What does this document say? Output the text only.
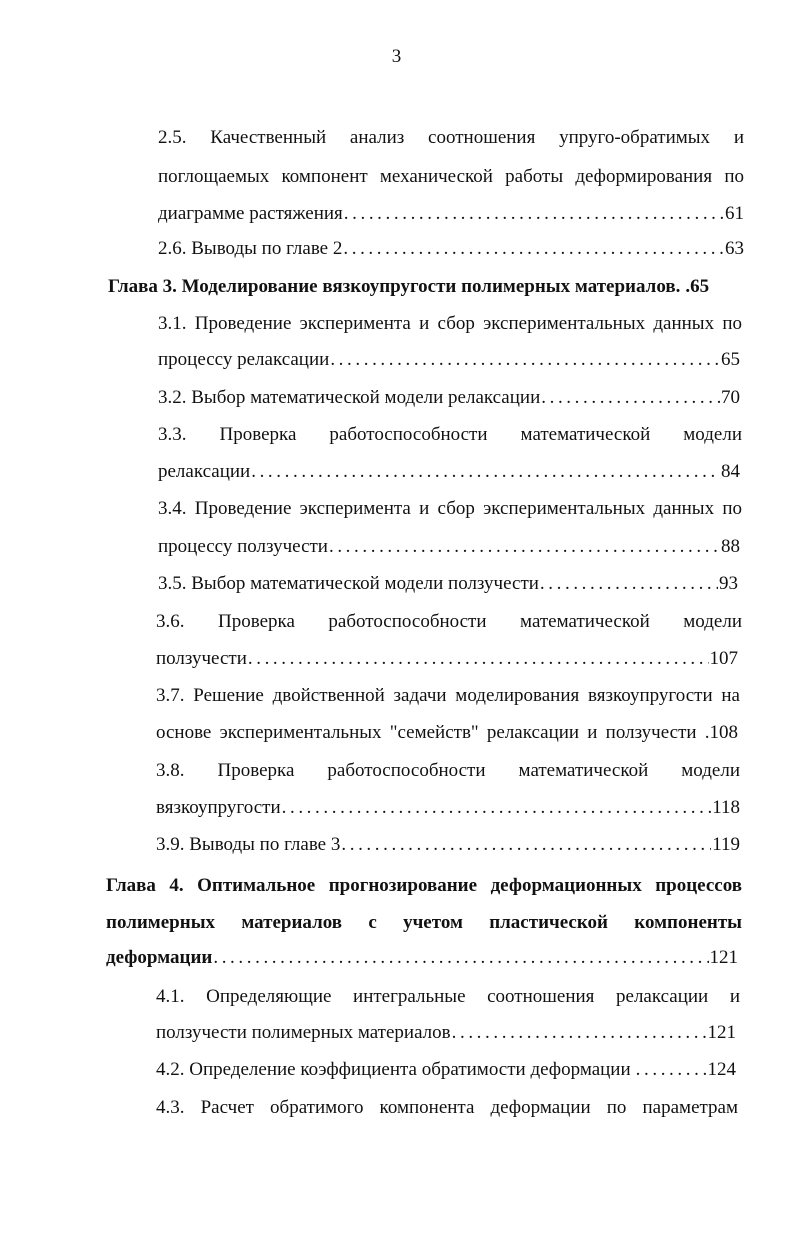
3
2.5. Качественный анализ соотношения упруго-обратимых и
поглощаемых компонент механической работы деформирования по
диаграмме растяжения .....	61
2.6. Выводы по главе 2 .....	63
Глава 3. Моделирование вязкоупругости полимерных материалов. .65
3.1. Проведение эксперимента и сбор экспериментальных данных по
процессу релаксации .....	65
3.2. Выбор математической модели релаксации .....	70
3.3. Проверка работоспособности математической модели
релаксации .....	84
3.4. Проведение эксперимента и сбор экспериментальных данных по
процессу ползучести .....	88
3.5. Выбор математической модели ползучести .....	93
3.6. Проверка работоспособности математической модели
ползучести .....	107
3.7. Решение двойственной задачи моделирования вязкоупругости на
основе экспериментальных "семейств" релаксации и ползучести .108
3.8. Проверка работоспособности математической модели
вязкоупругости .....	118
3.9. Выводы по главе 3 .....	119
Глава 4. Оптимальное прогнозирование деформационных процессов
полимерных материалов с учетом пластической компоненты
деформации .....	121
4.1. Определяющие интегральные соотношения релаксации и
ползучести полимерных материалов .....	121
4.2. Определение коэффициента обратимости деформации .....	124
4.3. Расчет обратимого компонента деформации по параметрам
